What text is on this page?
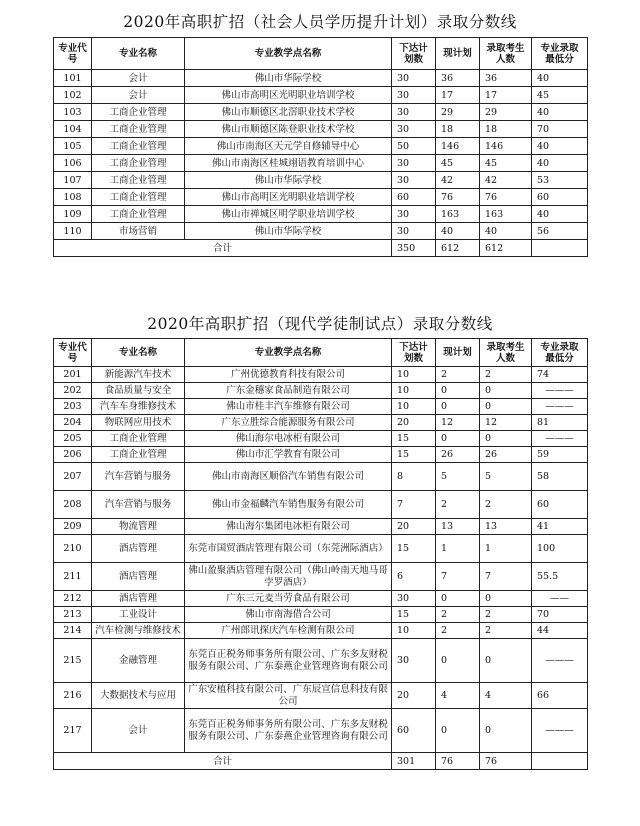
2020年高职扩招（社会人员学历提升计划）录取分数线
专业代号	专业名称	专业教学点名称	下达计划数	现计划	录取考生人数	专业录取最低分
101	会计	佛山市华际学校	30	36	36	40
102	会计	佛山市高明区光明职业培训学校	30	17	17	45
103	工商企业管理	佛山市顺德区北滘职业技术学校	30	29	29	40
104	工商企业管理	佛山市顺德区陈登职业技术学校	30	18	18	70
105	工商企业管理	佛山市南海区天元学自修辅导中心	50	146	146	40
106	工商企业管理	佛山市南海区桂城翊语教育培训中心	30	45	45	40
107	工商企业管理	佛山市华际学校	30	42	42	53
108	工商企业管理	佛山市高明区光明职业培训学校	60	76	76	60
109	工商企业管理	佛山市禅城区明学职业培训学校	30	163	163	40
110	市场营销	佛山市华际学校	30	40	40	56
合计			350	612	612	
2020年高职扩招（现代学徒制试点）录取分数线
专业代号	专业名称	专业教学点名称	下达计划数	现计划	录取考生人数	专业录取最低分
201	新能源汽车技术	广州优德教育科技有限公司	10	2	2	74
202	食品质量与安全	广东金穗家食品制造有限公司	10	0	0	———
203	汽车车身维修技术	佛山市桂丰汽车维修有限公司	10	0	0	———
204	物联网应用技术	广东立胜综合能源服务有限公司	20	12	12	81
205	工商企业管理	佛山海尔电冰柜有限公司	15	0	0	———
206	工商企业管理	佛山市汇学教育有限公司	15	26	26	59
207	汽车营销与服务	佛山市南海区顺俗汽车销售有限公司	8	5	5	58
208	汽车营销与服务	佛山市金福麟汽车销售服务有限公司	7	2	2	60
209	物流管理	佛山海尔集团电冰柜有限公司	20	13	13	41
210	酒店管理	东莞市国贸酒店管理有限公司（东莞洲际酒店）	15	1	1	100
211	酒店管理	佛山盈聚酒店管理有限公司（佛山岭南天地马哥孛罗酒店）	6	7	7	55.5
212	酒店管理	广东三元麦当劳食品有限公司	30	0	0	——
213	工业设计	佛山市南海借合公司	15	2	2	70
214	汽车检测与维修技术	广州郎讯探庆汽车检测有限公司	10	2	2	44
215	金融管理	东莞百正税务师事务所有限公司、广东多友财税服务有限公司、广东泰燕企业管理咨询有限公司	30	0	0	———
216	大数据技术与应用	广东安植科技有限公司、广东辰宣信息科技有限公司	20	4	4	66
217	会计	东莞百正税务师事务所有限公司、广东多友财税服务有限公司、广东泰燕企业管理咨询有限公司	60	0	0	———
合计			301	76	76	
